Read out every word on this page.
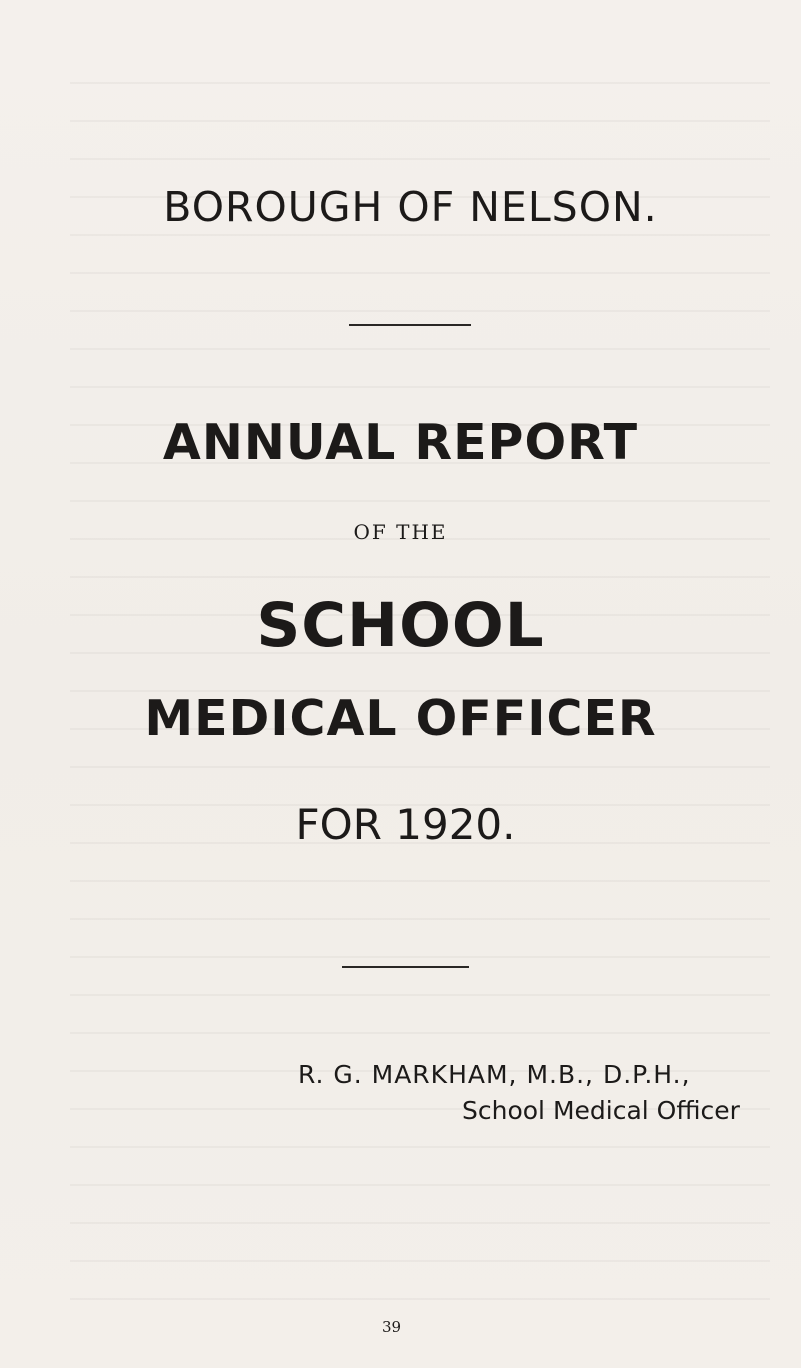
BOROUGH OF NELSON.
ANNUAL REPORT
OF THE
SCHOOL
MEDICAL OFFICER
FOR 1920.
R. G. MARKHAM, M.B., D.P.H.,
School Medical Officer
39
